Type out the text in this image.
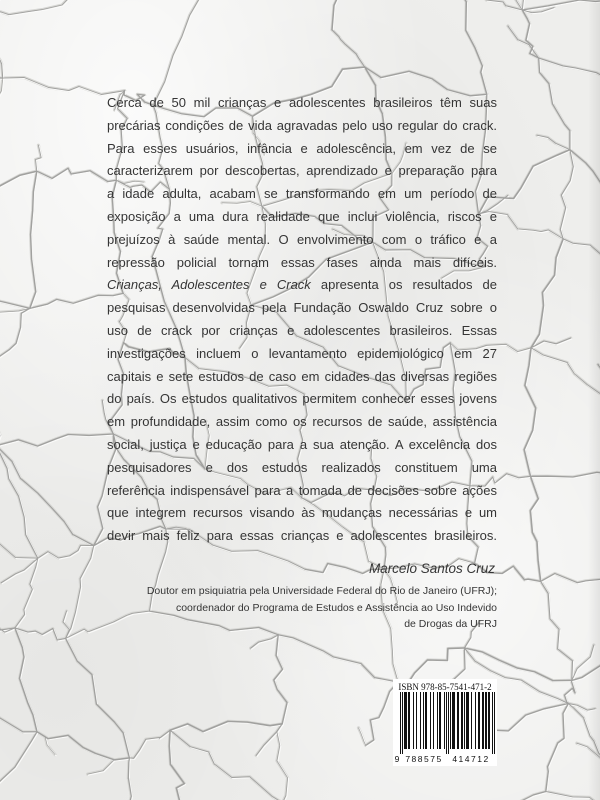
Cerca de 50 mil crianças e adolescentes brasileiros têm suas
precárias condições de vida agravadas pelo uso regular do crack.
Para esses usuários, infância e adolescência, em vez de se
caracterizarem por descobertas, aprendizado e preparação para
a idade adulta, acabam se transformando em um período de
exposição a uma dura realidade que inclui violência, riscos e
prejuízos à saúde mental. O envolvimento com o tráfico e a
repressão policial tornam essas fases ainda mais difíceis.
Crianças, Adolescentes e Crack apresenta os resultados de
pesquisas desenvolvidas pela Fundação Oswaldo Cruz sobre o
uso de crack por crianças e adolescentes brasileiros. Essas
investigações incluem o levantamento epidemiológico em 27
capitais e sete estudos de caso em cidades das diversas regiões
do país. Os estudos qualitativos permitem conhecer esses jovens
em profundidade, assim como os recursos de saúde, assistência
social, justiça e educação para a sua atenção. A excelência dos
pesquisadores e dos estudos realizados constituem uma
referência indispensável para a tomada de decisões sobre ações
que integrem recursos visando às mudanças necessárias e um
devir mais feliz para essas crianças e adolescentes brasileiros.
Marcelo Santos Cruz
Doutor em psiquiatria pela Universidade Federal do Rio de Janeiro (UFRJ);
coordenador do Programa de Estudos e Assistência ao Uso Indevido
de Drogas da UFRJ
ISBN 978-85-7541-471-2
9 788575 414712
